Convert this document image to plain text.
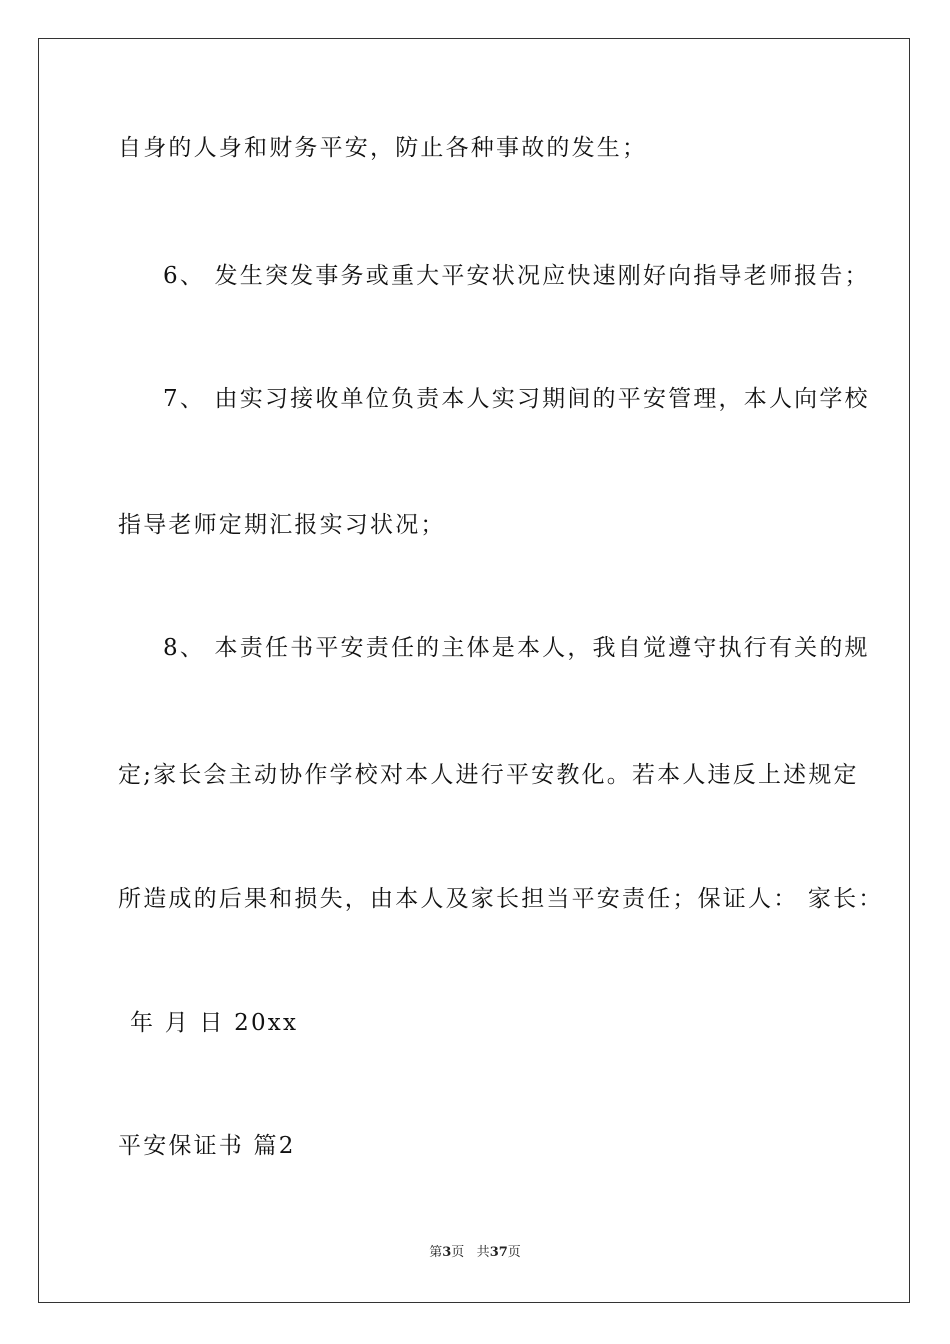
自身的人身和财务平安，防止各种事故的发生；
6、 发生突发事务或重大平安状况应快速刚好向指导老师报告；
7、 由实习接收单位负责本人实习期间的平安管理，本人向学校
指导老师定期汇报实习状况；
8、 本责任书平安责任的主体是本人，我自觉遵守执行有关的规
定;家长会主动协作学校对本人进行平安教化。若本人违反上述规定
所造成的后果和损失，由本人及家长担当平安责任；保证人： 家长：
年 月 日 20xx
平安保证书 篇2
第3页 共37页
